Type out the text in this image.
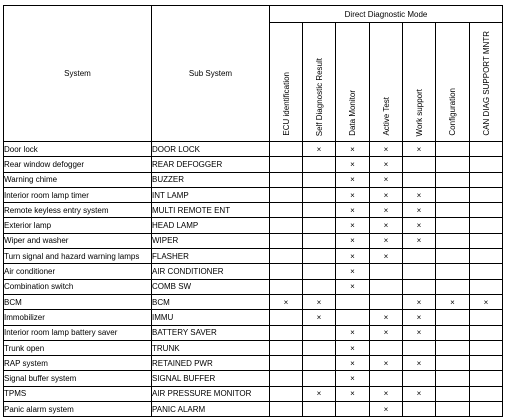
System	Sub System	Direct Diagnostic Mode						
		ECU identification	Self Diagnostic Result	Data Monitor	Active Test	Work support	Configuration	CAN DIAG SUPPORT MNTR
Door lock	DOOR LOCK		×	×	×	×		
Rear window defogger	REAR DEFOGGER			×	×			
Warning chime	BUZZER			×	×			
Interior room lamp timer	INT LAMP			×	×	×		
Remote keyless entry system	MULTI REMOTE ENT			×	×	×		
Exterior lamp	HEAD LAMP			×	×	×		
Wiper and washer	WIPER			×	×	×		
Turn signal and hazard warning lamps	FLASHER			×	×			
Air conditioner	AIR CONDITIONER			×				
Combination switch	COMB SW			×				
BCM	BCM	×	×			×	×	×
Immobilizer	IMMU		×		×	×		
Interior room lamp battery saver	BATTERY SAVER			×	×	×		
Trunk open	TRUNK			×				
RAP system	RETAINED PWR			×	×	×		
Signal buffer system	SIGNAL BUFFER			×				
TPMS	AIR PRESSURE MONITOR		×	×	×	×		
Panic alarm system	PANIC ALARM				×			
